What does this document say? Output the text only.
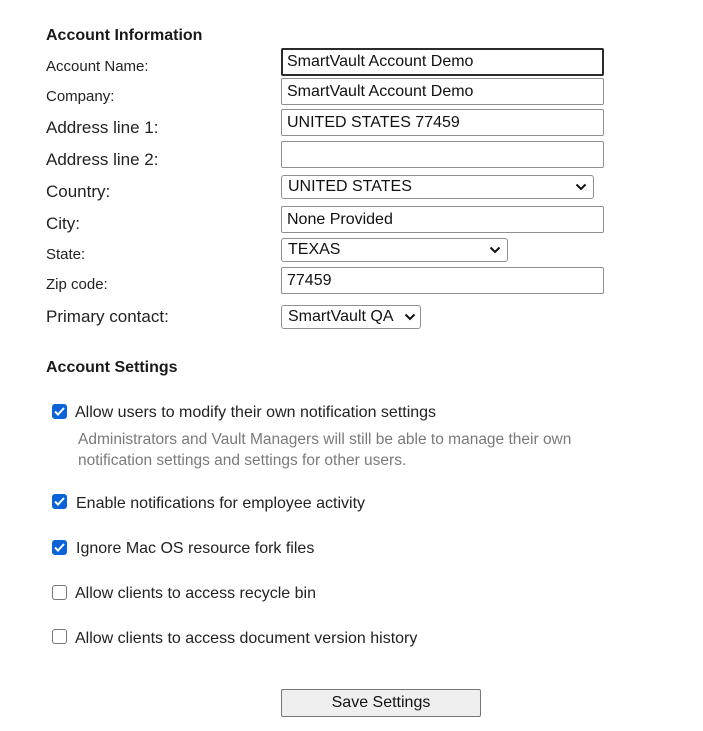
Account Information
Account Name:
SmartVault Account Demo
Company:
SmartVault Account Demo
Address line 1:
UNITED STATES 77459
Address line 2:
Country:	UNITED STATES
City:
None Provided
State:	TEXAS
Zip code:
77459
Primary contact:	SmartVault QA
Account Settings
Allow users to modify their own notification settings
Administrators and Vault Managers will still be able to manage their own notification settings and settings for other users.
Enable notifications for employee activity
Ignore Mac OS resource fork files
Allow clients to access recycle bin
Allow clients to access document version history
Save Settings
